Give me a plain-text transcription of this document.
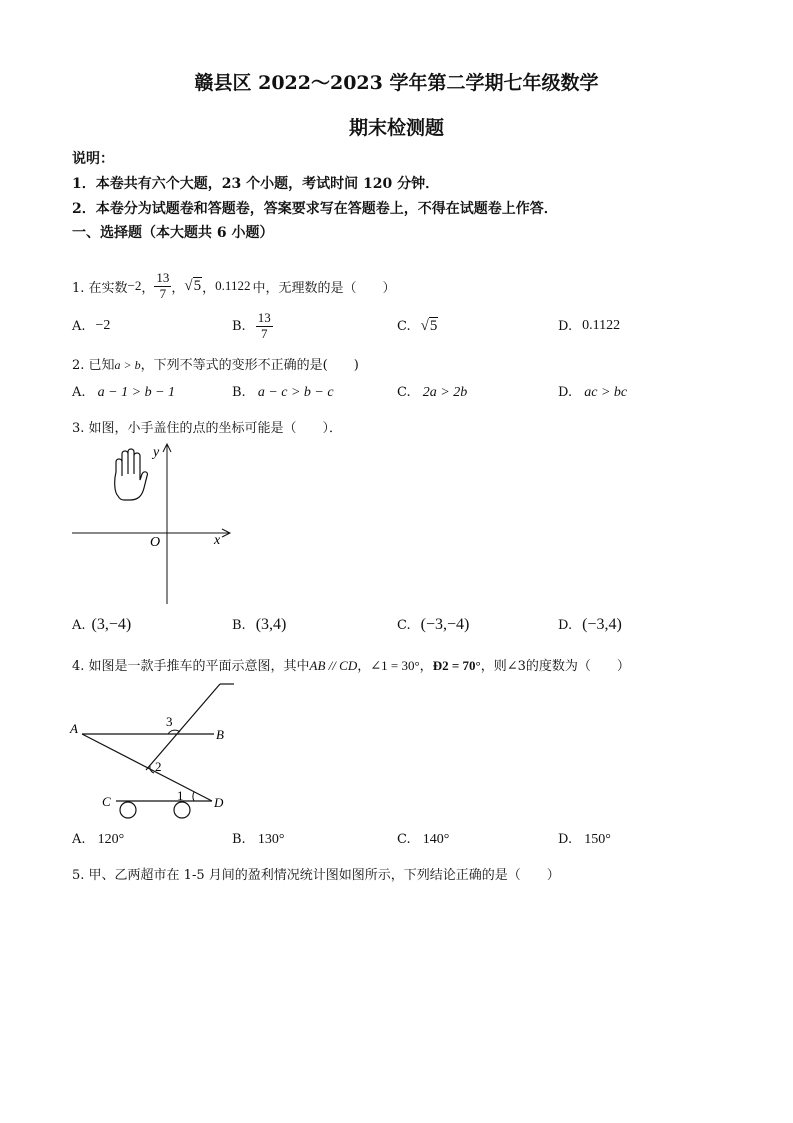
赣县区 2022～2023 学年第二学期七年级数学
期末检测题
说明：
1．本卷共有六个大题，23 个小题，考试时间 120 分钟．
2．本卷分为试题卷和答题卷，答案要求写在答题卷上，不得在试题卷上作答．
一、选择题（本大题共 6 小题）
1. 在实数 −2 ， $\frac{13}{7}$ ， √5 ， 0.1122 中，无理数的是（　　）
A. −2	B. $\frac{13}{7}$	C. √5	D. 0.1122
2. 已知a > b，下列不等式的变形不正确的是(　　)
A. a − 1 > b − 1	B. a − c > b − c	C. 2a > 2b	D. ac > bc
3. 如图，小手盖住的点的坐标可能是（　　）．
y
x
O
A. (3,−4)	B. (3,4)	C. (−3,−4)	D. (−3,4)
4. 如图是一款手推车的平面示意图，其中AB // CD，∠1 = 30°，Ð2 = 70°，则∠3的度数为（　　）
A	B
C	D
3
2
1
A. 120°	B. 130°	C. 140°	D. 150°
5. 甲、乙两超市在 1-5 月间的盈利情况统计图如图所示，下列结论正确的是（　　）
